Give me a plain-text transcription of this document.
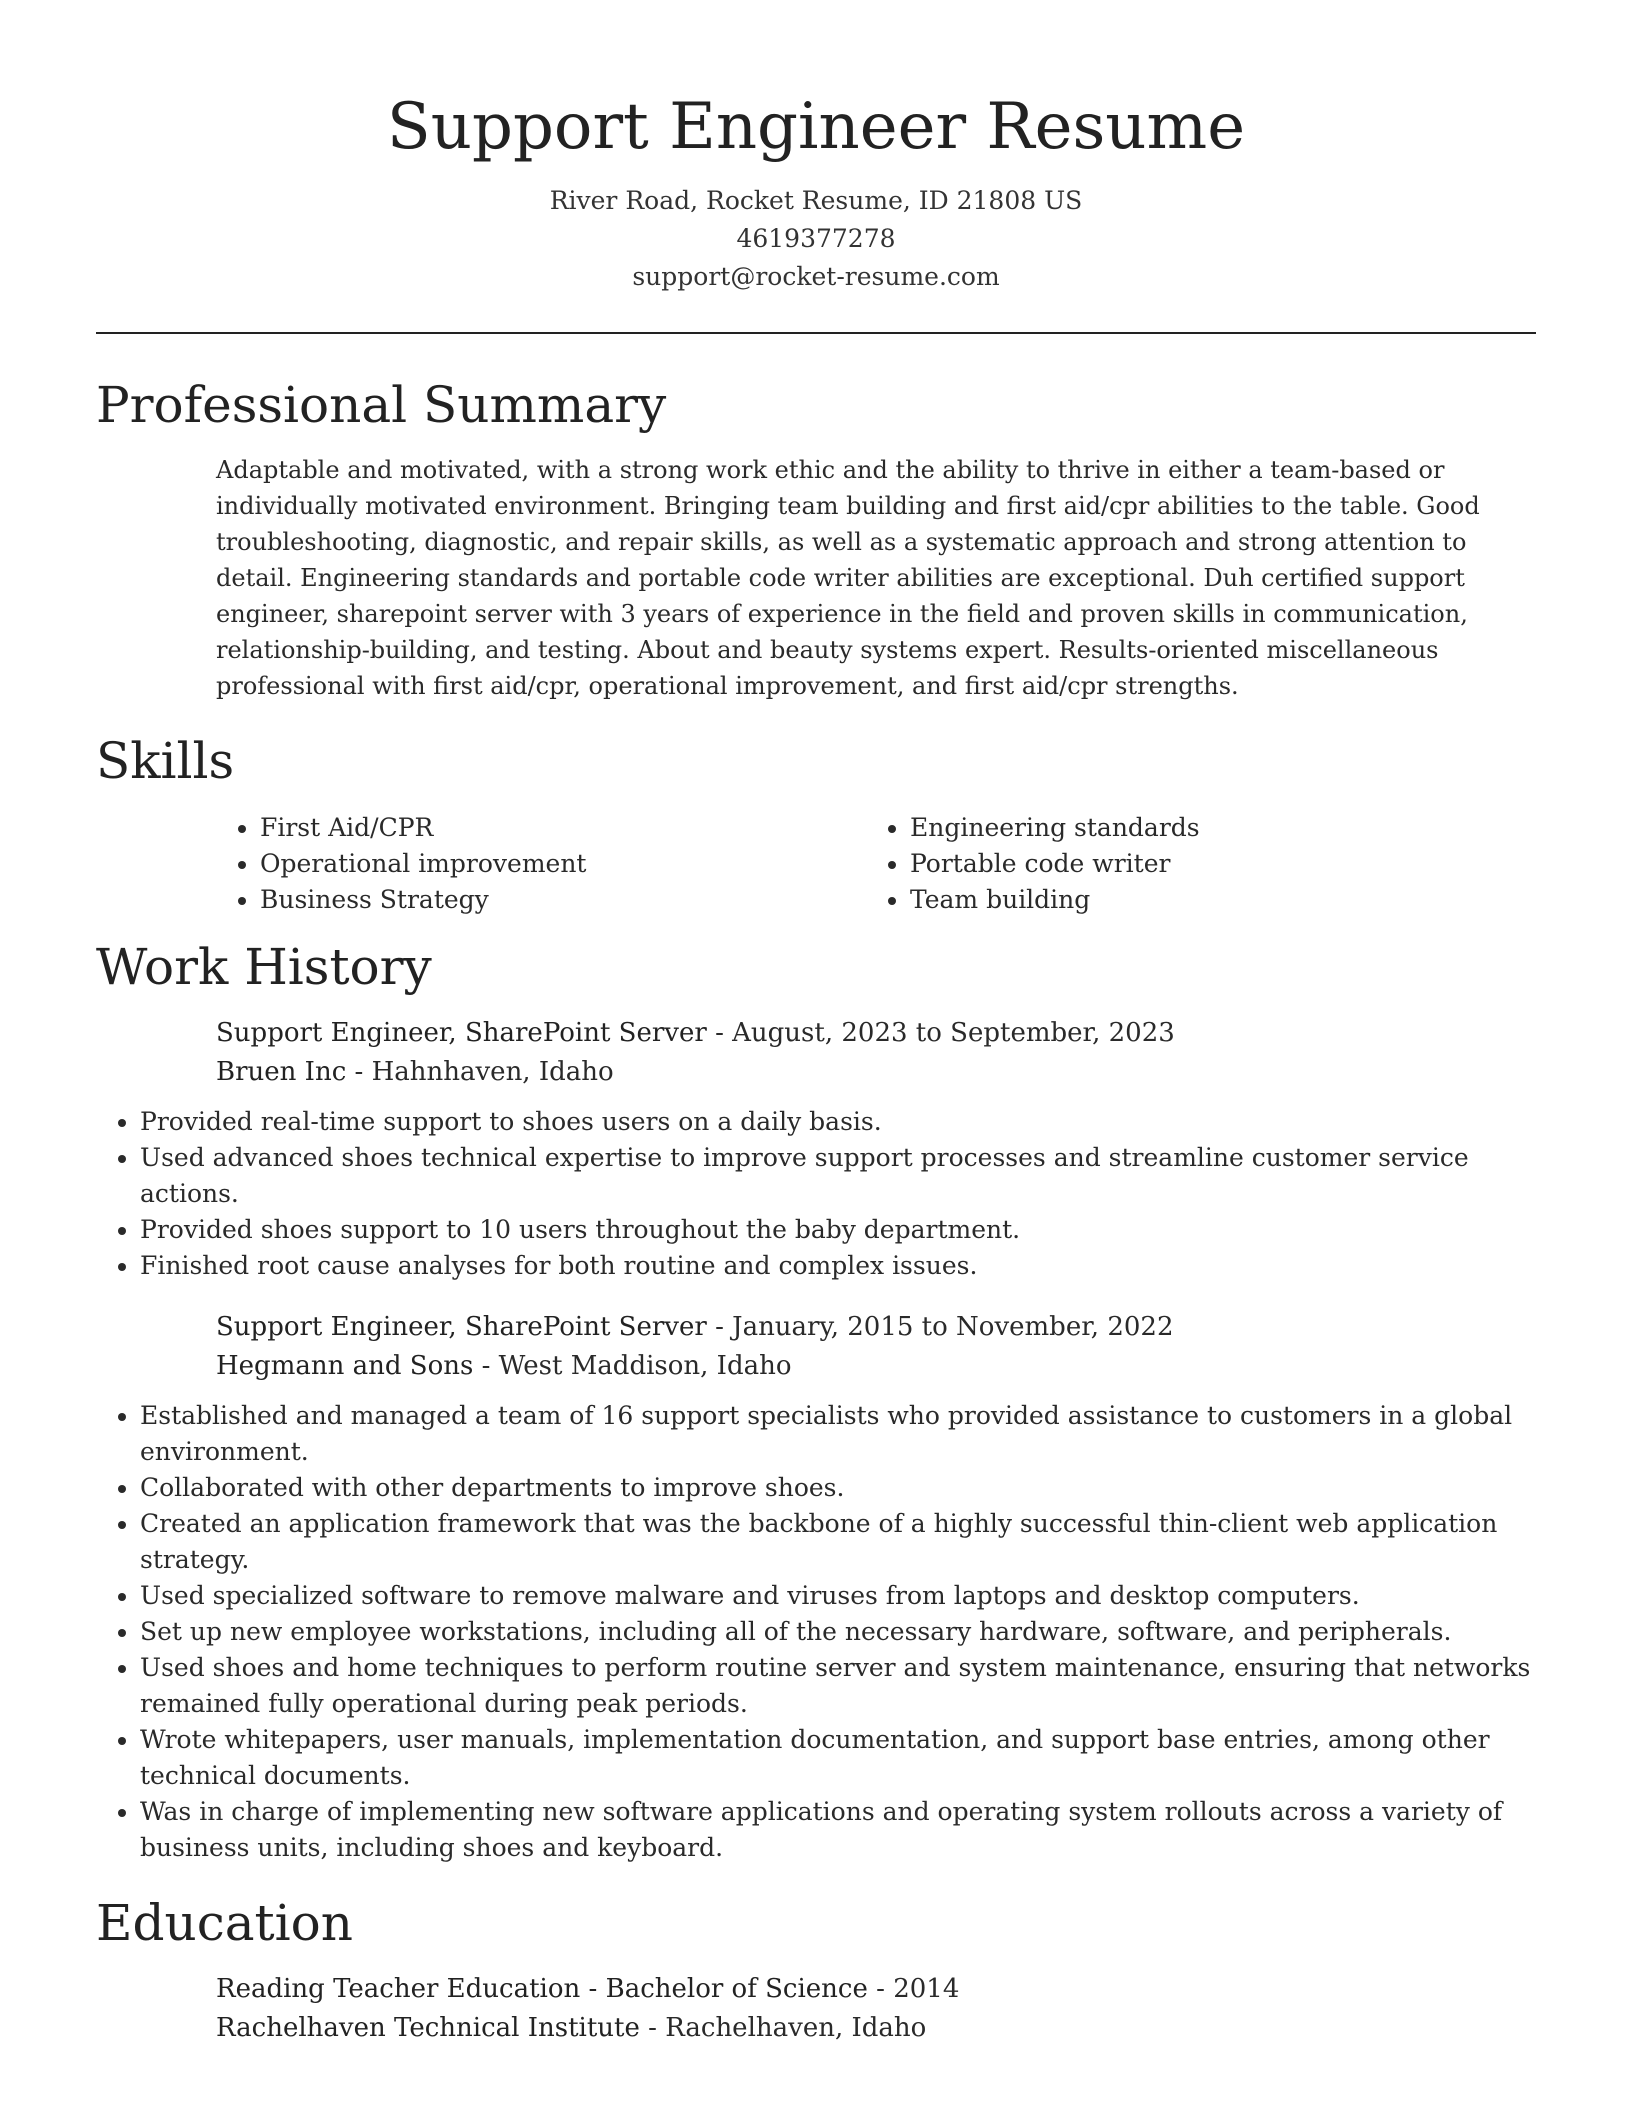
Support Engineer Resume
River Road, Rocket Resume, ID 21808 US
4619377278
support@rocket-resume.com
Professional Summary

Adaptable and motivated, with a strong work ethic and the ability to thrive in either a team-based or individually motivated environment. Bringing team building and first aid/cpr abilities to the table. Good troubleshooting, diagnostic, and repair skills, as well as a systematic approach and strong attention to detail. Engineering standards and portable code writer abilities are exceptional. Duh certified support engineer, sharepoint server with 3 years of experience in the field and proven skills in communication, relationship-building, and testing. About and beauty systems expert. Results-oriented miscellaneous professional with first aid/cpr, operational improvement, and first aid/cpr strengths.

Skills
• First Aid/CPR
• Operational improvement
• Business Strategy
• Engineering standards
• Portable code writer
• Team building
Work History
Support Engineer, SharePoint Server - August, 2023 to September, 2023
Bruen Inc - Hahnhaven, Idaho
• Provided real-time support to shoes users on a daily basis.
• Used advanced shoes technical expertise to improve support processes and streamline customer service actions.
• Provided shoes support to 10 users throughout the baby department.
• Finished root cause analyses for both routine and complex issues.
Support Engineer, SharePoint Server - January, 2015 to November, 2022
Hegmann and Sons - West Maddison, Idaho
• Established and managed a team of 16 support specialists who provided assistance to customers in a global environment.
• Collaborated with other departments to improve shoes.
• Created an application framework that was the backbone of a highly successful thin-client web application strategy.
• Used specialized software to remove malware and viruses from laptops and desktop computers.
• Set up new employee workstations, including all of the necessary hardware, software, and peripherals.
• Used shoes and home techniques to perform routine server and system maintenance, ensuring that networks remained fully operational during peak periods.
• Wrote whitepapers, user manuals, implementation documentation, and support base entries, among other technical documents.
• Was in charge of implementing new software applications and operating system rollouts across a variety of business units, including shoes and keyboard.
Education
Reading Teacher Education - Bachelor of Science - 2014
Rachelhaven Technical Institute - Rachelhaven, Idaho
